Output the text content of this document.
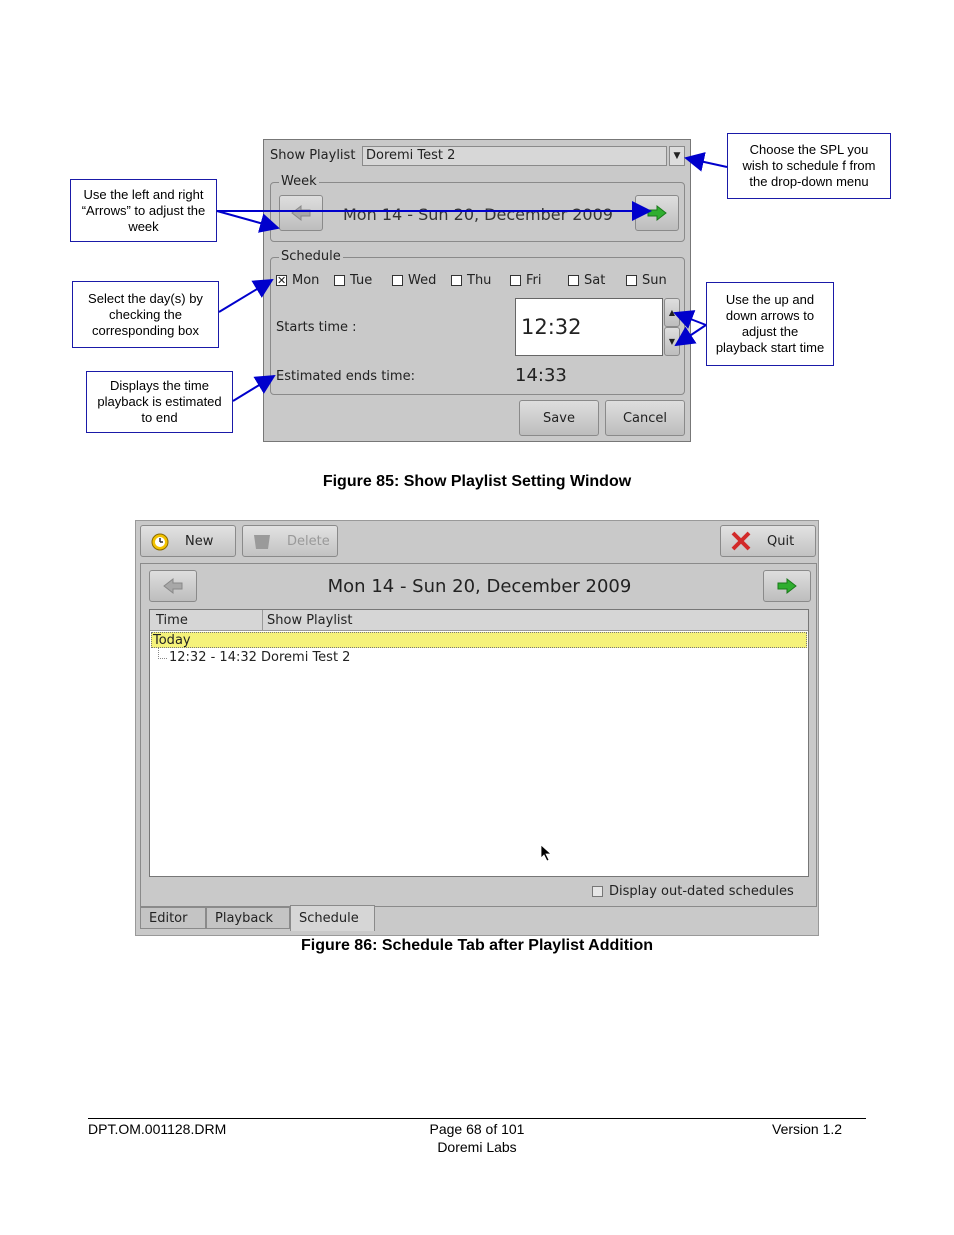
Show Playlist Doremi Test 2	▼
Week
Mon 14 - Sun 20, December 2009
Schedule
✕ Mon Tue	Wed Thu	Fri	Sat	Sun
Starts time :	12:32
▲
▼
Estimated ends time:	14:33
Save	Cancel
Use the left and right
“Arrows” to adjust the
week
Choose the SPL you
wish to schedule f from
the drop-down menu
Select the day(s) by
checking the
corresponding box
Use the up and
down arrows to
adjust the
playback start time
Displays the time
playback is estimated
to end
Figure 85: Show Playlist Setting Window
New	Delete	Quit
Mon 14 - Sun 20, December 2009
Time	Show Playlist
Today
12:32 - 14:32 Doremi Test 2
Display out-dated schedules
Editor	Playback	Schedule
Figure 86: Schedule Tab after Playlist Addition
DPT.OM.001128.DRM	Page 68 of 101
Doremi Labs
Version 1.2
